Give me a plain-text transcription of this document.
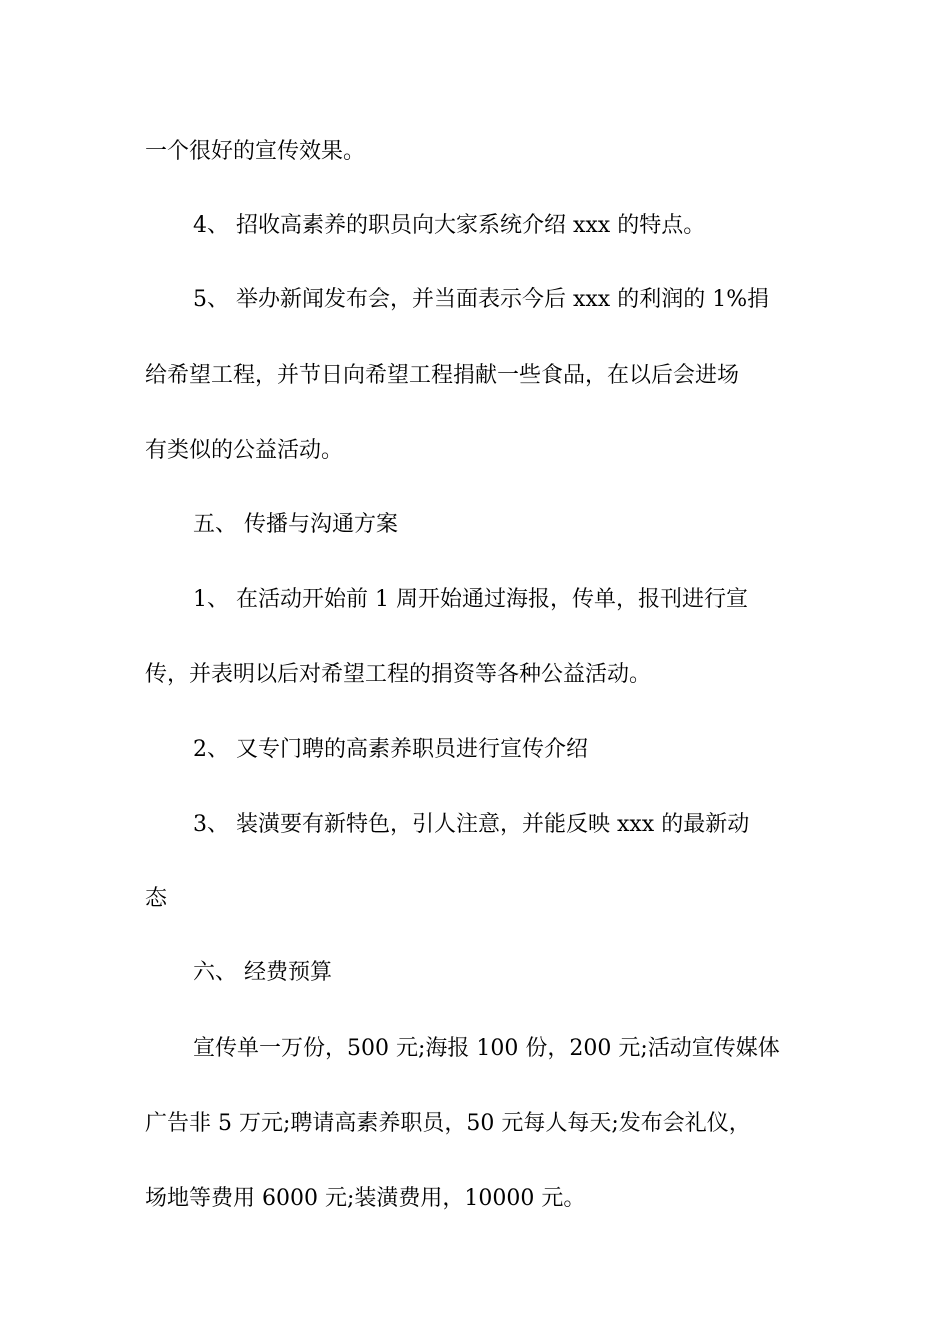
一个很好的宣传效果。
4、 招收高素养的职员向大家系统介绍 xxx 的特点。
5、 举办新闻发布会，并当面表示今后 xxx 的利润的 1%捐
给希望工程，并节日向希望工程捐献一些食品，在以后会进场
有类似的公益活动。
五、 传播与沟通方案
1、 在活动开始前 1 周开始通过海报，传单，报刊进行宣
传，并表明以后对希望工程的捐资等各种公益活动。
2、 又专门聘的高素养职员进行宣传介绍
3、 装潢要有新特色，引人注意，并能反映 xxx 的最新动
态
六、 经费预算
宣传单一万份，500 元;海报 100 份，200 元;活动宣传媒体
广告非 5 万元;聘请高素养职员，50 元每人每天;发布会礼仪，
场地等费用 6000 元;装潢费用，10000 元。
